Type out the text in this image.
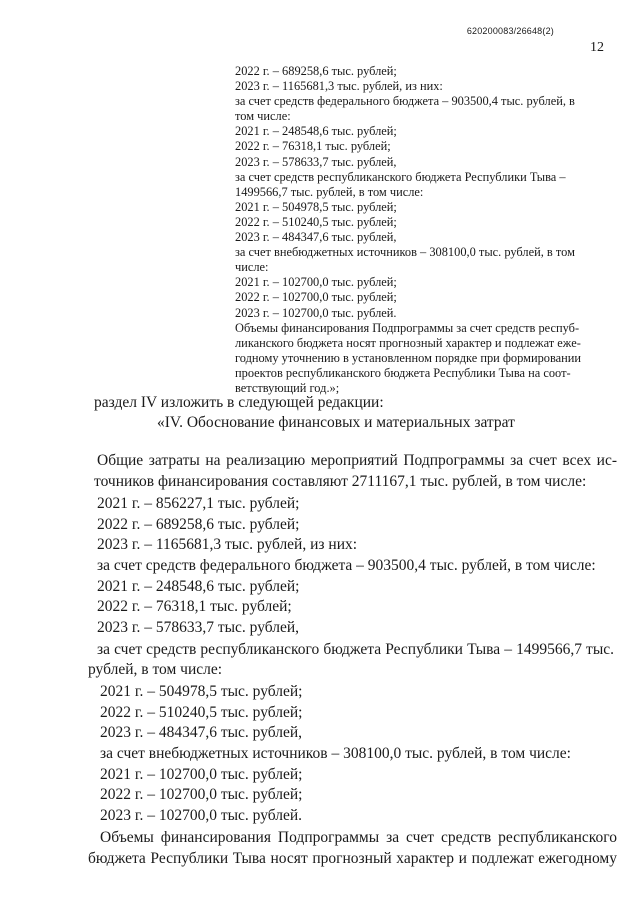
620200083/26648(2)
12

2022 г. – 689258,6 тыс. рублей;

2023 г. – 1165681,3 тыс. рублей, из них:

за счет средств федерального бюджета – 903500,4 тыс. рублей, в

том числе:

2021 г. – 248548,6 тыс. рублей;

2022 г. – 76318,1 тыс. рублей;

2023 г. – 578633,7 тыс. рублей,

за счет средств республиканского бюджета Республики Тыва –

1499566,7 тыс. рублей, в том числе:

2021 г. – 504978,5 тыс. рублей;

2022 г. – 510240,5 тыс. рублей;

2023 г. – 484347,6 тыс. рублей,

за счет внебюджетных источников – 308100,0 тыс. рублей, в том

числе:

2021 г. – 102700,0 тыс. рублей;

2022 г. – 102700,0 тыс. рублей;

2023 г. – 102700,0 тыс. рублей.

Объемы финансирования Подпрограммы за счет средств респуб-

ликанского бюджета носят прогнозный характер и подлежат еже-

годному уточнению в установленном порядке при формировании

проектов республиканского бюджета Республики Тыва на соот-

ветствующий год.»;

раздел IV изложить в следующей редакции:

«IV. Обоснование финансовых и материальных затрат

Общие затраты на реализацию мероприятий Подпрограммы за счет всех ис-

точников финансирования составляют 2711167,1 тыс. рублей, в том числе:

2021 г. – 856227,1 тыс. рублей;

2022 г. – 689258,6 тыс. рублей;

2023 г. – 1165681,3 тыс. рублей, из них:

за счет средств федерального бюджета – 903500,4 тыс. рублей, в том числе:

2021 г. – 248548,6 тыс. рублей;

2022 г. – 76318,1 тыс. рублей;

2023 г. – 578633,7 тыс. рублей,

за счет средств республиканского бюджета Республики Тыва – 1499566,7 тыс.

рублей, в том числе:

2021 г. – 504978,5 тыс. рублей;

2022 г. – 510240,5 тыс. рублей;

2023 г. – 484347,6 тыс. рублей,

за счет внебюджетных источников – 308100,0 тыс. рублей, в том числе:

2021 г. – 102700,0 тыс. рублей;

2022 г. – 102700,0 тыс. рублей;

2023 г. – 102700,0 тыс. рублей.

Объемы финансирования Подпрограммы за счет средств республиканского

бюджета Республики Тыва носят прогнозный характер и подлежат ежегодному
